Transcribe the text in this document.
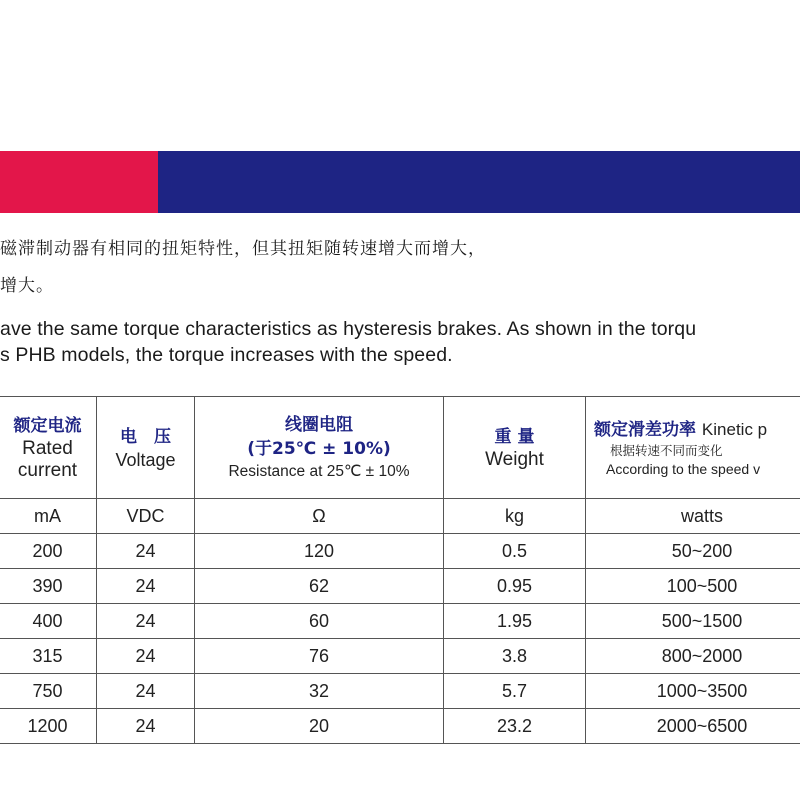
磁滞制动器有相同的扭矩特性，但其扭矩随转速增大而增大，
增大。
ave the same torque characteristics as hysteresis brakes. As shown in the torqu
s PHB models, the torque increases with the speed.
额定电流
Rated
current	电　压
Voltage	线圈电阻
(于25℃ ± 10%)
Resistance at 25℃ ± 10%	重 量
Weight	额定滑差功率 Kinetic p
根据转速不同而变化
According to the speed v

mA	VDC	Ω	kg	watts
200	24	120	0.5	50~200
390	24	62	0.95	100~500
400	24	60	1.95	500~1500
315	24	76	3.8	800~2000
750	24	32	5.7	1000~3500
1200	24	20	23.2	2000~6500
